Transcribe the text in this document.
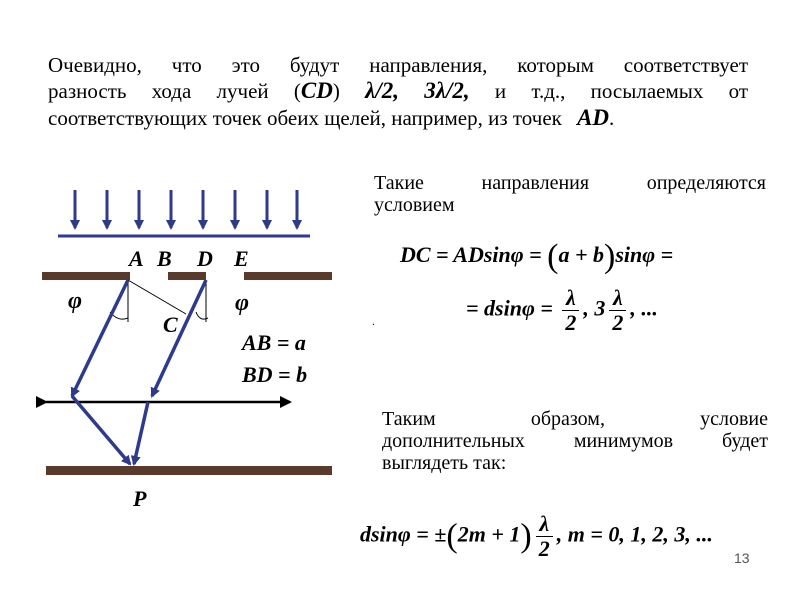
Очевидно, что это будут направления, которым соответствует
разность хода лучей (CD) λ/2, 3λ/2, и т.д., посылаемых от
соответствующих точек обеих щелей, например, из точек AD.
A B D E
φ	φ
C
P
AB = a
BD = b
Такие направления определяются
условием
DC = ADsinφ = (a + b)sinφ =
.
= $dsin\varphi = \frac{\lambda}{2}$ , $3 \frac{\lambda}{2}$ , ...
Таким образом, условие
дополнительных минимумов будет
выглядеть так:
$dsin\varphi = \pm(2m + 1) \frac{\lambda}{2}$ , m = 0, 1, 2, 3, ...
13
